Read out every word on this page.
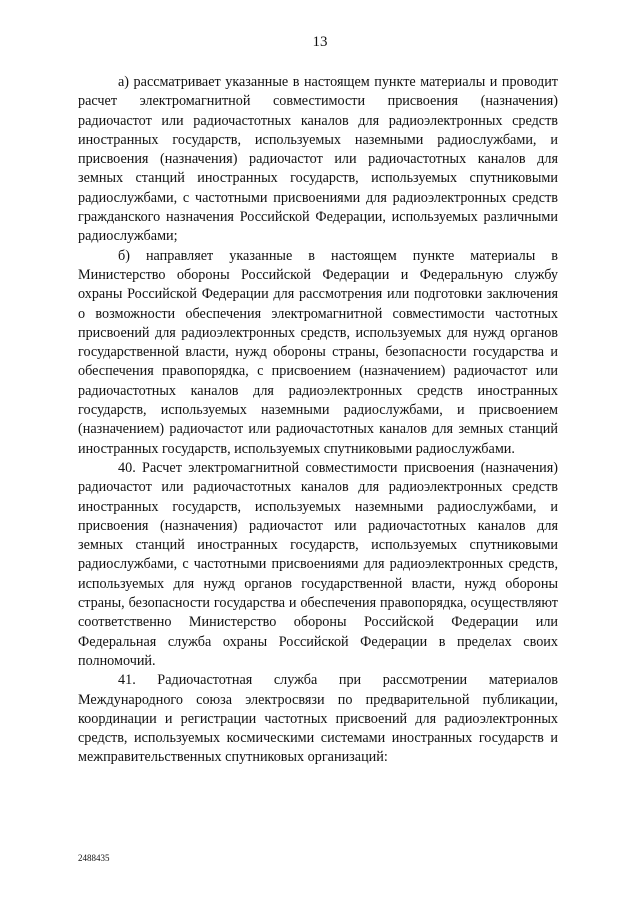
13

а) рассматривает указанные в настоящем пункте материалы и проводит расчет электромагнитной совместимости присвоения (назначения) радиочастот или радиочастотных каналов для радиоэлектронных средств иностранных государств, используемых наземными радиослужбами, и присвоения (назначения) радиочастот или радиочастотных каналов для земных станций иностранных государств, используемых спутниковыми радиослужбами, с частотными присвоениями для радиоэлектронных средств гражданского назначения Российской Федерации, используемых различными радиослужбами;

б) направляет указанные в настоящем пункте материалы в Министерство обороны Российской Федерации и Федеральную службу охраны Российской Федерации для рассмотрения или подготовки заключения о возможности обеспечения электромагнитной совместимости частотных присвоений для радиоэлектронных средств, используемых для нужд органов государственной власти, нужд обороны страны, безопасности государства и обеспечения правопорядка, с присвоением (назначением) радиочастот или радиочастотных каналов для радиоэлектронных средств иностранных государств, используемых наземными радиослужбами, и присвоением (назначением) радиочастот или радиочастотных каналов для земных станций иностранных государств, используемых спутниковыми радиослужбами.

40. Расчет электромагнитной совместимости присвоения (назначения) радиочастот или радиочастотных каналов для радиоэлектронных средств иностранных государств, используемых наземными радиослужбами, и присвоения (назначения) радиочастот или радиочастотных каналов для земных станций иностранных государств, используемых спутниковыми радиослужбами, с частотными присвоениями для радиоэлектронных средств, используемых для нужд органов государственной власти, нужд обороны страны, безопасности государства и обеспечения правопорядка, осуществляют соответственно Министерство обороны Российской Федерации или Федеральная служба охраны Российской Федерации в пределах своих полномочий.

41. Радиочастотная служба при рассмотрении материалов Международного союза электросвязи по предварительной публикации, координации и регистрации частотных присвоений для радиоэлектронных средств, используемых космическими системами иностранных государств и межправительственных спутниковых организаций:

2488435
